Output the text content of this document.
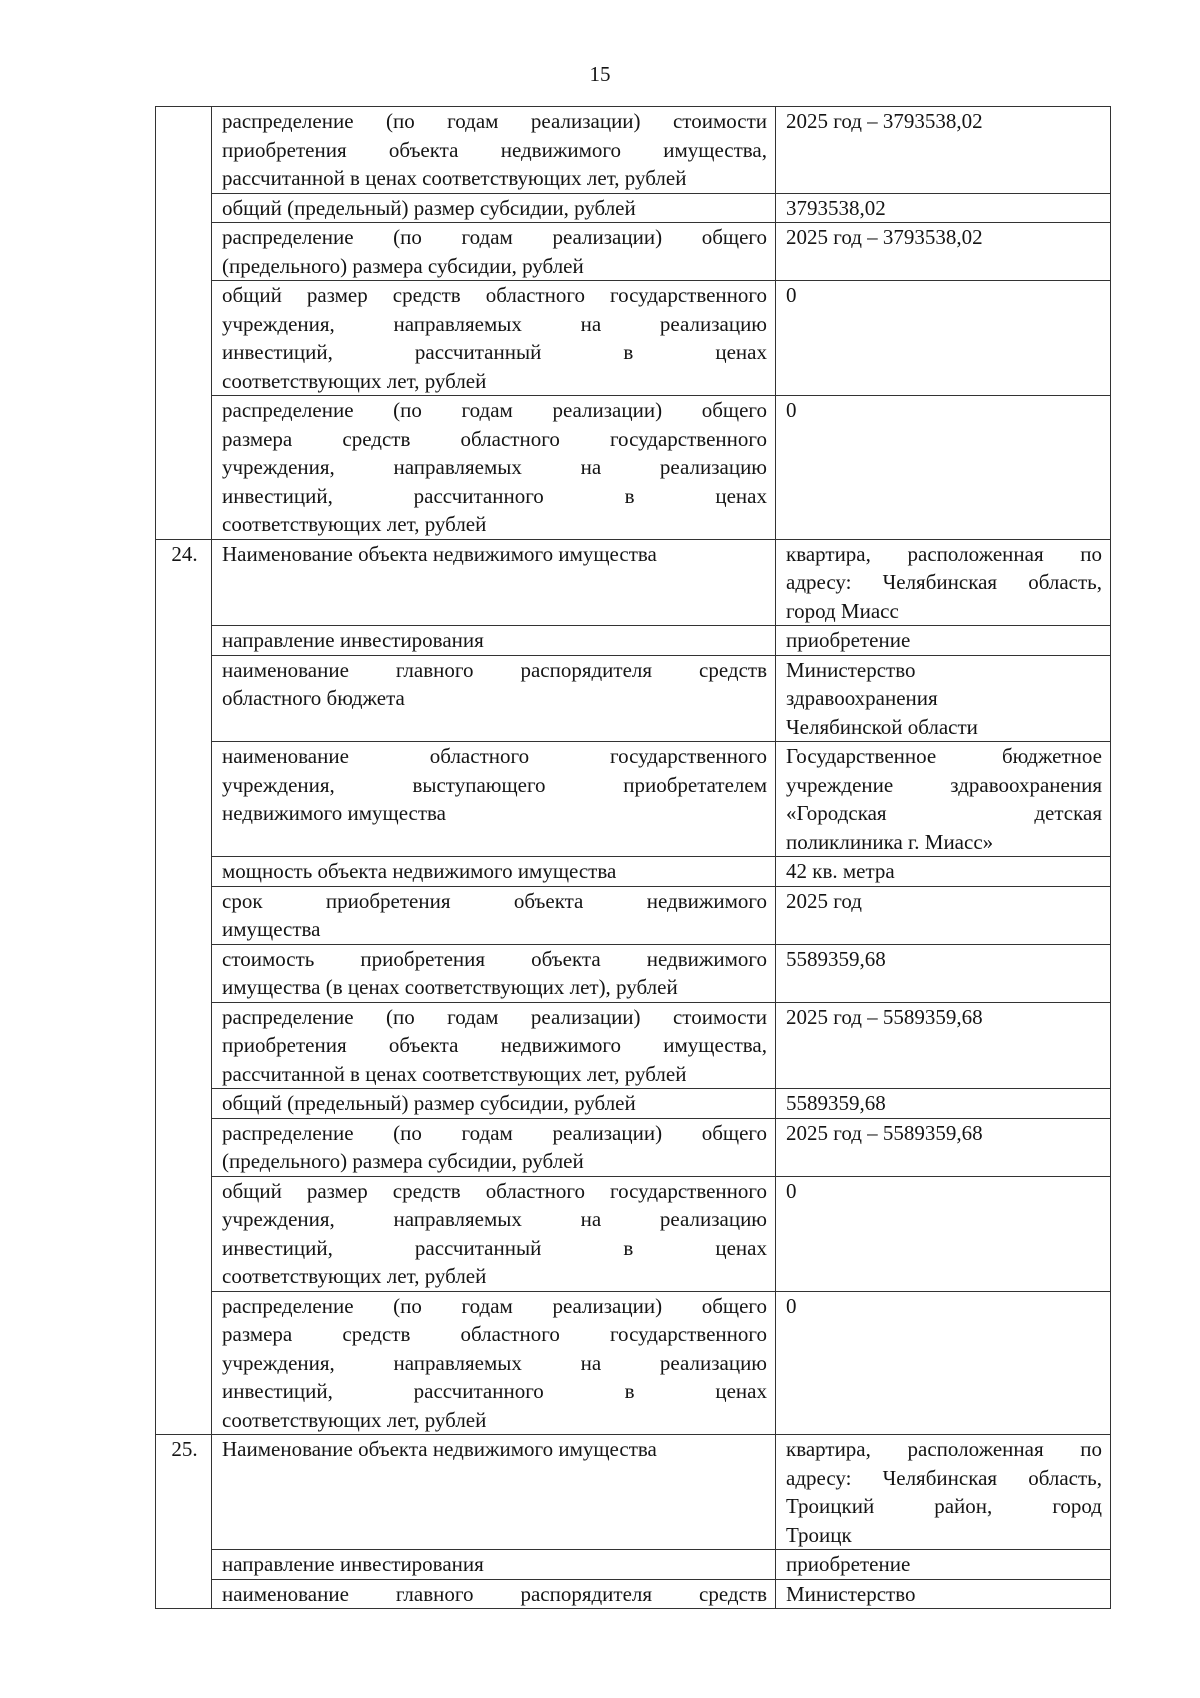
15

	распределение (по годам реализации) стоимости
приобретения объекта недвижимого имущества,
рассчитанной в ценах соответствующих лет, рублей	2025 год – 3793538,02
	общий (предельный) размер субсидии, рублей	3793538,02

	распределение (по годам реализации) общего
(предельного) размера субсидии, рублей	2025 год – 3793538,02

	общий размер средств областного государственного
учреждения, направляемых на реализацию
инвестиций, рассчитанный в ценах
соответствующих лет, рублей	0

	распределение (по годам реализации) общего
размера средств областного государственного
учреждения, направляемых на реализацию
инвестиций, рассчитанного в ценах
соответствующих лет, рублей	0
24.	Наименование объекта недвижимого имущества	квартира, расположенная по
адресу: Челябинская область,
город Миасс

	направление инвестирования	приобретение

	наименование главного распорядителя средств
областного бюджета	Министерство
здравоохранения
Челябинской области

	наименование областного государственного
учреждения, выступающего приобретателем
недвижимого имущества	Государственное бюджетное
учреждение здравоохранения
«Городская детская
поликлиника г. Миасс»

	мощность объекта недвижимого имущества	42 кв. метра

	срок приобретения объекта недвижимого
имущества	2025 год

	стоимость приобретения объекта недвижимого
имущества (в ценах соответствующих лет), рублей	5589359,68

	распределение (по годам реализации) стоимости
приобретения объекта недвижимого имущества,
рассчитанной в ценах соответствующих лет, рублей	2025 год – 5589359,68
	общий (предельный) размер субсидии, рублей	5589359,68

	распределение (по годам реализации) общего
(предельного) размера субсидии, рублей	2025 год – 5589359,68

	общий размер средств областного государственного
учреждения, направляемых на реализацию
инвестиций, рассчитанный в ценах
соответствующих лет, рублей	0

	распределение (по годам реализации) общего
размера средств областного государственного
учреждения, направляемых на реализацию
инвестиций, рассчитанного в ценах
соответствующих лет, рублей	0
25.	Наименование объекта недвижимого имущества	квартира, расположенная по
адресу: Челябинская область,
Троицкий район, город
Троицк

	направление инвестирования	приобретение

	наименование главного распорядителя средств	Министерство
